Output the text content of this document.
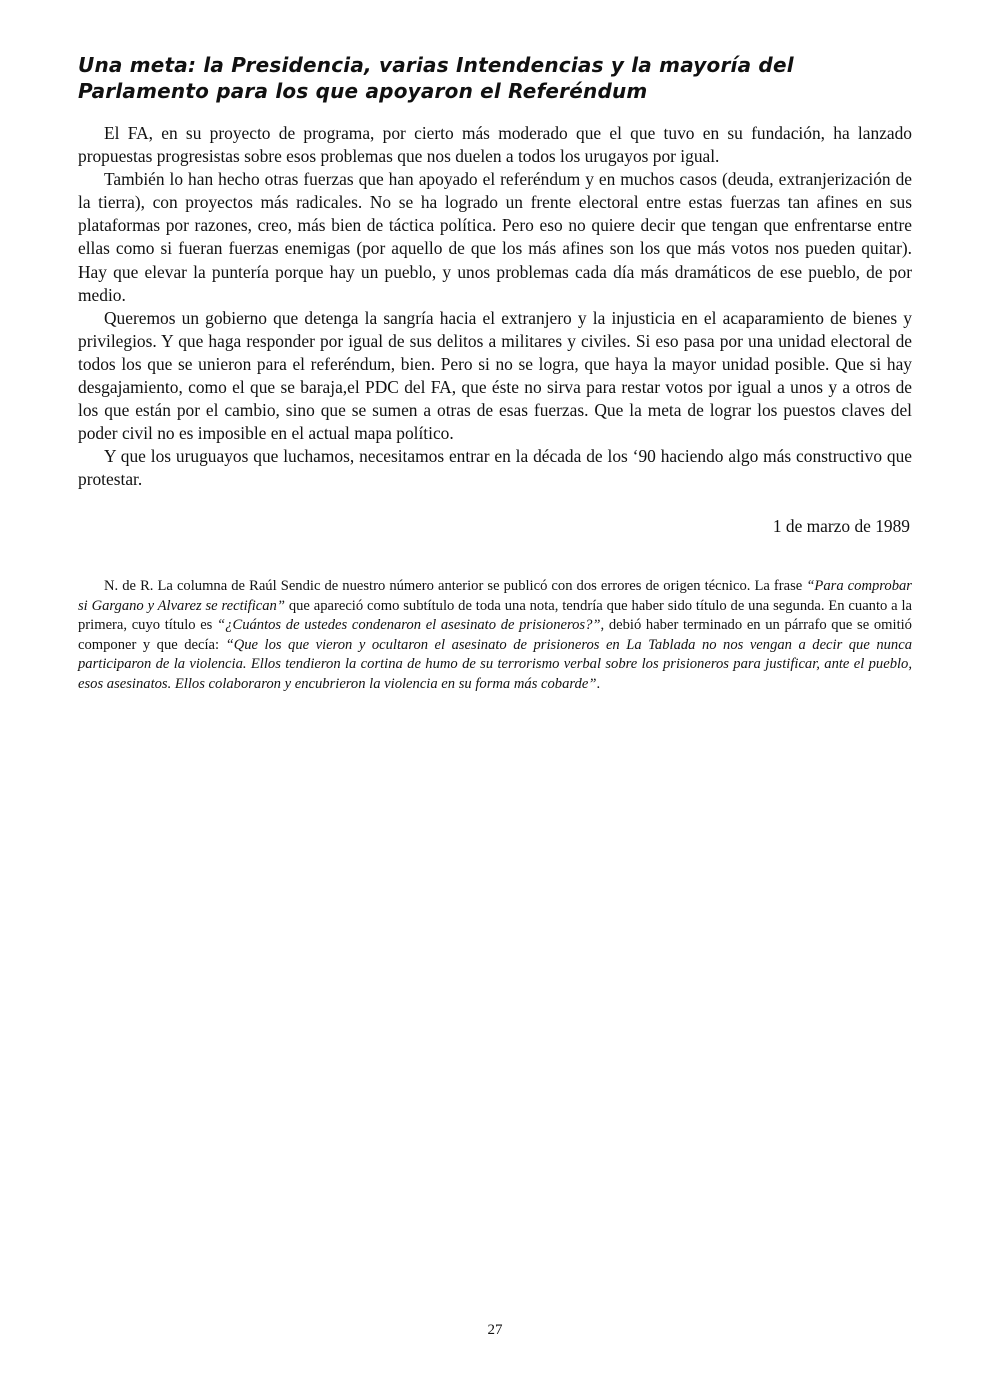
Una meta: la Presidencia, varias Intendencias y la mayoría del
Parlamento para los que apoyaron el Referéndum

El FA, en su proyecto de programa, por cierto más moderado que el que tuvo en su fundación, ha lanzado propuestas progresistas sobre esos problemas que nos duelen a todos los urugayos por igual.

También lo han hecho otras fuerzas que han apoyado el referéndum y en muchos casos (deuda, extranjerización de la tierra), con proyectos más radicales. No se ha logrado un frente electoral entre estas fuerzas tan afines en sus plataformas por razones, creo, más bien de táctica política. Pero eso no quiere decir que tengan que enfrentarse entre ellas como si fueran fuerzas enemigas (por aquello de que los más afines son los que más votos nos pueden quitar). Hay que elevar la puntería porque hay un pueblo, y unos problemas cada día más dramáticos de ese pueblo, de por medio.

Queremos un gobierno que detenga la sangría hacia el extranjero y la injusticia en el acaparamiento de bienes y privilegios. Y que haga responder por igual de sus delitos a militares y civiles. Si eso pasa por una unidad electoral de todos los que se unieron para el referéndum, bien. Pero si no se logra, que haya la mayor unidad posible. Que si hay desgajamiento, como el que se baraja,el PDC del FA, que éste no sirva para restar votos por igual a unos y a otros de los que están por el cambio, sino que se sumen a otras de esas fuerzas. Que la meta de lograr los puestos claves del poder civil no es imposible en el actual mapa político.

Y que los uruguayos que luchamos, necesitamos entrar en la década de los ‘90 haciendo algo más constructivo que protestar.

1 de marzo de 1989

N. de R. La columna de Raúl Sendic de nuestro número anterior se publicó con dos errores de origen técnico. La frase “Para comprobar si Gargano y Alvarez se rectifican” que apareció como subtítulo de toda una nota, tendría que haber sido título de una segunda. En cuanto a la primera, cuyo título es “¿Cuántos de ustedes condenaron el asesinato de prisioneros?”, debió haber terminado en un párrafo que se omitió componer y que decía: “Que los que vieron y ocultaron el asesinato de prisioneros en La Tablada no nos vengan a decir que nunca participaron de la violencia. Ellos tendieron la cortina de humo de su terrorismo verbal sobre los prisioneros para justificar, ante el pueblo, esos asesinatos. Ellos colaboraron y encubrieron la violencia en su forma más cobarde”.

27
